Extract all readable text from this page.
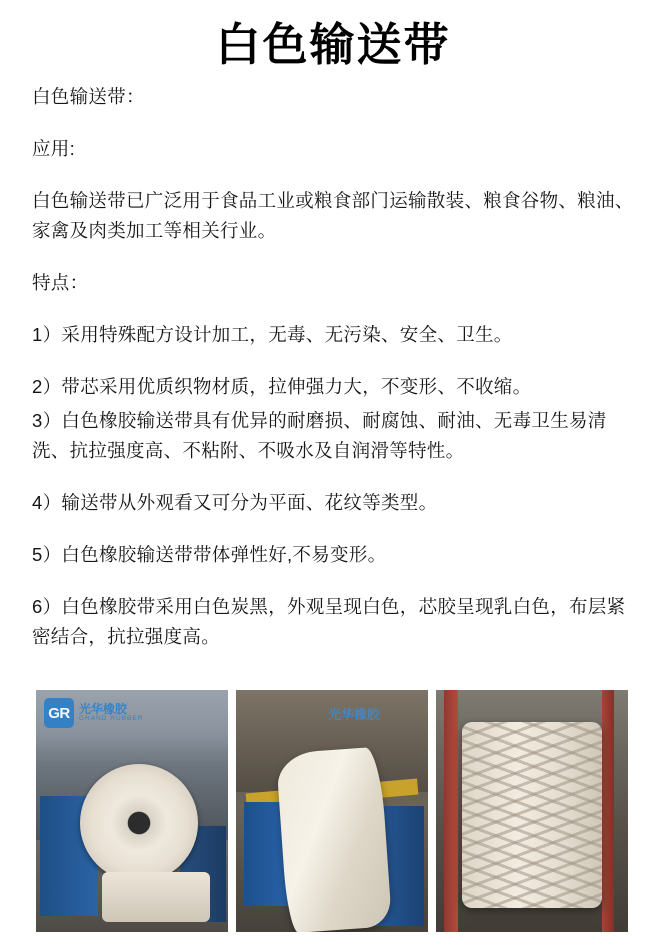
白色输送带

白色输送带：

应用:

白色输送带已广泛用于食品工业或粮食部门运输散装、粮食谷物、粮油、家禽及肉类加工等相关行业。

特点：

1）采用特殊配方设计加工，无毒、无污染、安全、卫生。

2）带芯采用优质织物材质，拉伸强力大，不变形、不收缩。

3）白色橡胶输送带具有优异的耐磨损、耐腐蚀、耐油、无毒卫生易清洗、抗拉强度高、不粘附、不吸水及自润滑等特性。

4）输送带从外观看又可分为平面、花纹等类型。

5）白色橡胶输送带带体弹性好,不易变形。

6）白色橡胶带采用白色炭黑，外观呈现白色，芯胶呈现乳白色，布层紧密结合，抗拉强度高。

GR 光华橡胶
GRAND RUBBER	光华橡胶
